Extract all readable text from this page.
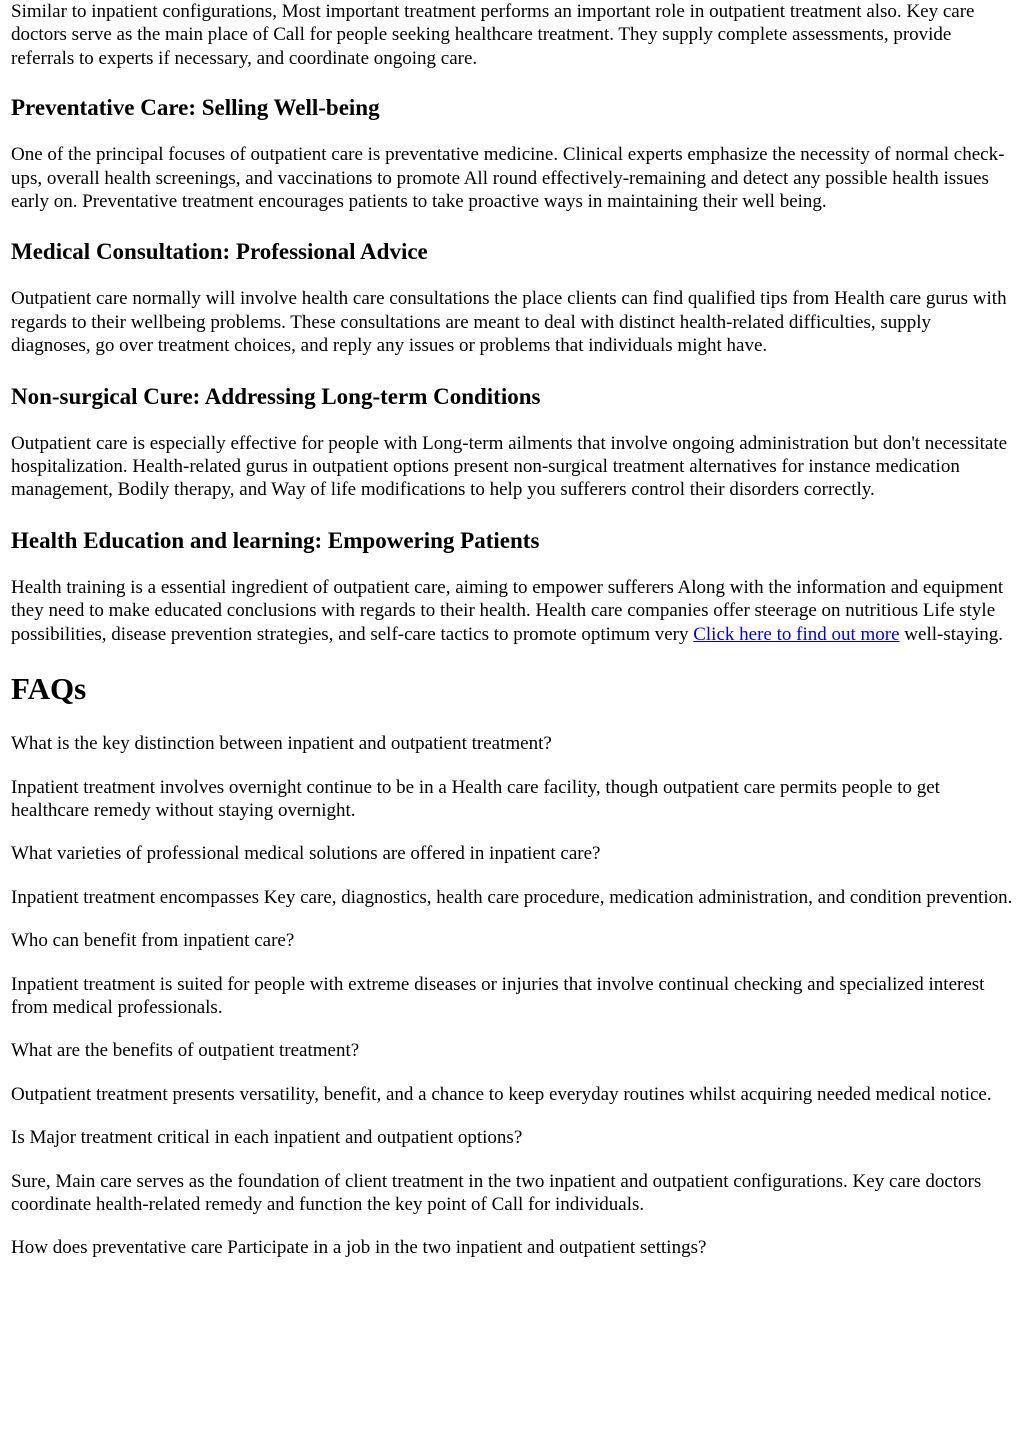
Similar to inpatient configurations, Most important treatment performs an important role in outpatient treatment also. Key care doctors serve as the main place of Call for people seeking healthcare treatment. They supply complete assessments, provide referrals to experts if necessary, and coordinate ongoing care.

Preventative Care: Selling Well-being

One of the principal focuses of outpatient care is preventative medicine. Clinical experts emphasize the necessity of normal check-ups, overall health screenings, and vaccinations to promote All round effectively-remaining and detect any possible health issues early on. Preventative treatment encourages patients to take proactive ways in maintaining their well being.

Medical Consultation: Professional Advice

Outpatient care normally will involve health care consultations the place clients can find qualified tips from Health care gurus with regards to their wellbeing problems. These consultations are meant to deal with distinct health-related difficulties, supply diagnoses, go over treatment choices, and reply any issues or problems that individuals might have.

Non-surgical Cure: Addressing Long-term Conditions

Outpatient care is especially effective for people with Long-term ailments that involve ongoing administration but don't necessitate hospitalization. Health-related gurus in outpatient options present non-surgical treatment alternatives for instance medication management, Bodily therapy, and Way of life modifications to help you sufferers control their disorders correctly.

Health Education and learning: Empowering Patients

Health training is a essential ingredient of outpatient care, aiming to empower sufferers Along with the information and equipment they need to make educated conclusions with regards to their health. Health care companies offer steerage on nutritious Life style possibilities, disease prevention strategies, and self-care tactics to promote optimum very Click here to find out more well-staying.

FAQs

What is the key distinction between inpatient and outpatient treatment?

Inpatient treatment involves overnight continue to be in a Health care facility, though outpatient care permits people to get healthcare remedy without staying overnight.

What varieties of professional medical solutions are offered in inpatient care?

Inpatient treatment encompasses Key care, diagnostics, health care procedure, medication administration, and condition prevention.

Who can benefit from inpatient care?

Inpatient treatment is suited for people with extreme diseases or injuries that involve continual checking and specialized interest from medical professionals.

What are the benefits of outpatient treatment?

Outpatient treatment presents versatility, benefit, and a chance to keep everyday routines whilst acquiring needed medical notice.

Is Major treatment critical in each inpatient and outpatient options?

Sure, Main care serves as the foundation of client treatment in the two inpatient and outpatient configurations. Key care doctors coordinate health-related remedy and function the key point of Call for individuals.

How does preventative care Participate in a job in the two inpatient and outpatient settings?
